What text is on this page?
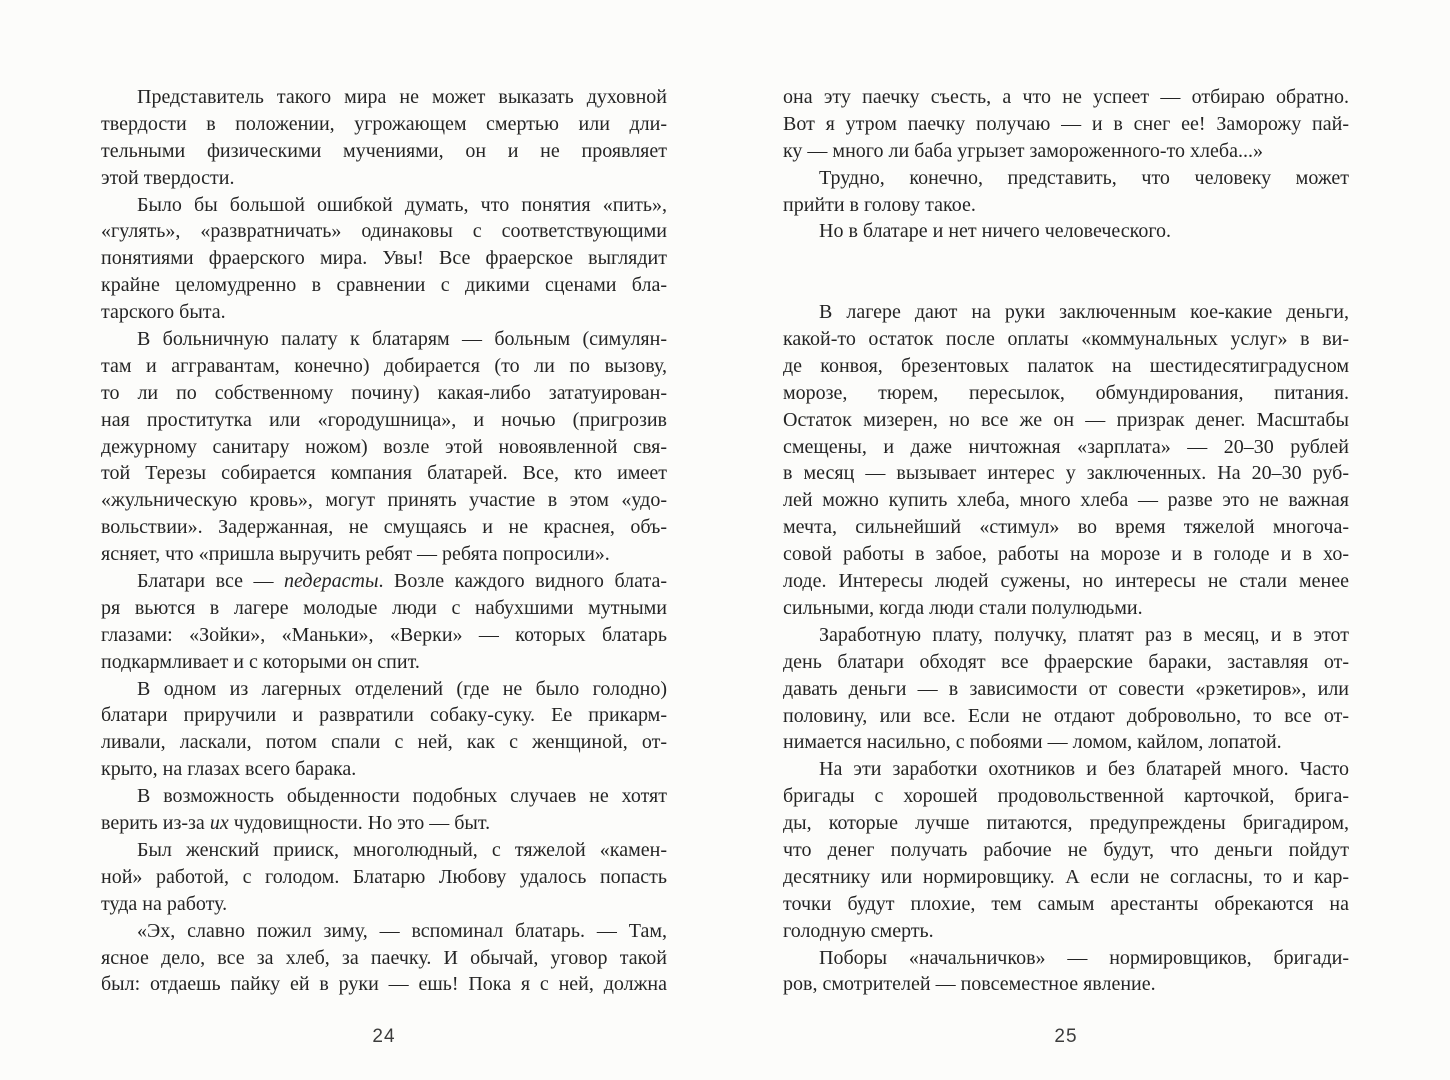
Представитель такого мира не может выказать духовной
твердости в положении, угрожающем смертью или дли-
тельными физическими мучениями, он и не проявляет
этой твердости.
Было бы большой ошибкой думать, что понятия «пить»,
«гулять», «развратничать» одинаковы с соответствующими
понятиями фраерского мира. Увы! Все фраерское выглядит
крайне целомудренно в сравнении с дикими сценами бла-
тарского быта.
В больничную палату к блатарям — больным (симулян-
там и аггравантам, конечно) добирается (то ли по вызову,
то ли по собственному почину) какая-либо зататуирован-
ная проститутка или «городушница», и ночью (пригрозив
дежурному санитару ножом) возле этой новоявленной свя-
той Терезы собирается компания блатарей. Все, кто имеет
«жульническую кровь», могут принять участие в этом «удо-
вольствии». Задержанная, не смущаясь и не краснея, объ-
ясняет, что «пришла выручить ребят — ребята попросили».
Блатари все — педерасты. Возле каждого видного блата-
ря вьются в лагере молодые люди с набухшими мутными
глазами: «Зойки», «Маньки», «Верки» — которых блатарь
подкармливает и с которыми он спит.
В одном из лагерных отделений (где не было голодно)
блатари приручили и развратили собаку-суку. Ее прикарм-
ливали, ласкали, потом спали с ней, как с женщиной, от-
крыто, на глазах всего барака.
В возможность обыденности подобных случаев не хотят
верить из-за их чудовищности. Но это — быт.
Был женский прииск, многолюдный, с тяжелой «камен-
ной» работой, с голодом. Блатарю Любову удалось попасть
туда на работу.
«Эх, славно пожил зиму, — вспоминал блатарь. — Там,
ясное дело, все за хлеб, за паечку. И обычай, уговор такой
был: отдаешь пайку ей в руки — ешь! Пока я с ней, должна
она эту паечку съесть, а что не успеет — отбираю обратно.
Вот я утром паечку получаю — и в снег ее! Заморожу пай-
ку — много ли баба угрызет замороженного-то хлеба...»
Трудно, конечно, представить, что человеку может
прийти в голову такое.
Но в блатаре и нет ничего человеческого.
В лагере дают на руки заключенным кое-какие деньги,
какой-то остаток после оплаты «коммунальных услуг» в ви-
де конвоя, брезентовых палаток на шестидесятиградусном
морозе, тюрем, пересылок, обмундирования, питания.
Остаток мизерен, но все же он — призрак денег. Масштабы
смещены, и даже ничтожная «зарплата» — 20–30 рублей
в месяц — вызывает интерес у заключенных. На 20–30 руб-
лей можно купить хлеба, много хлеба — разве это не важная
мечта, сильнейший «стимул» во время тяжелой многоча-
совой работы в забое, работы на морозе и в голоде и в хо-
лоде. Интересы людей сужены, но интересы не стали менее
сильными, когда люди стали полулюдьми.
Заработную плату, получку, платят раз в месяц, и в этот
день блатари обходят все фраерские бараки, заставляя от-
давать деньги — в зависимости от совести «рэкетиров», или
половину, или все. Если не отдают добровольно, то все от-
нимается насильно, с побоями — ломом, кайлом, лопатой.
На эти заработки охотников и без блатарей много. Часто
бригады с хорошей продовольственной карточкой, брига-
ды, которые лучше питаются, предупреждены бригадиром,
что денег получать рабочие не будут, что деньги пойдут
десятнику или нормировщику. А если не согласны, то и кар-
точки будут плохие, тем самым арестанты обрекаются на
голодную смерть.
Поборы «начальничков» — нормировщиков, бригади-
ров, смотрителей — повсеместное явление.
24	25
